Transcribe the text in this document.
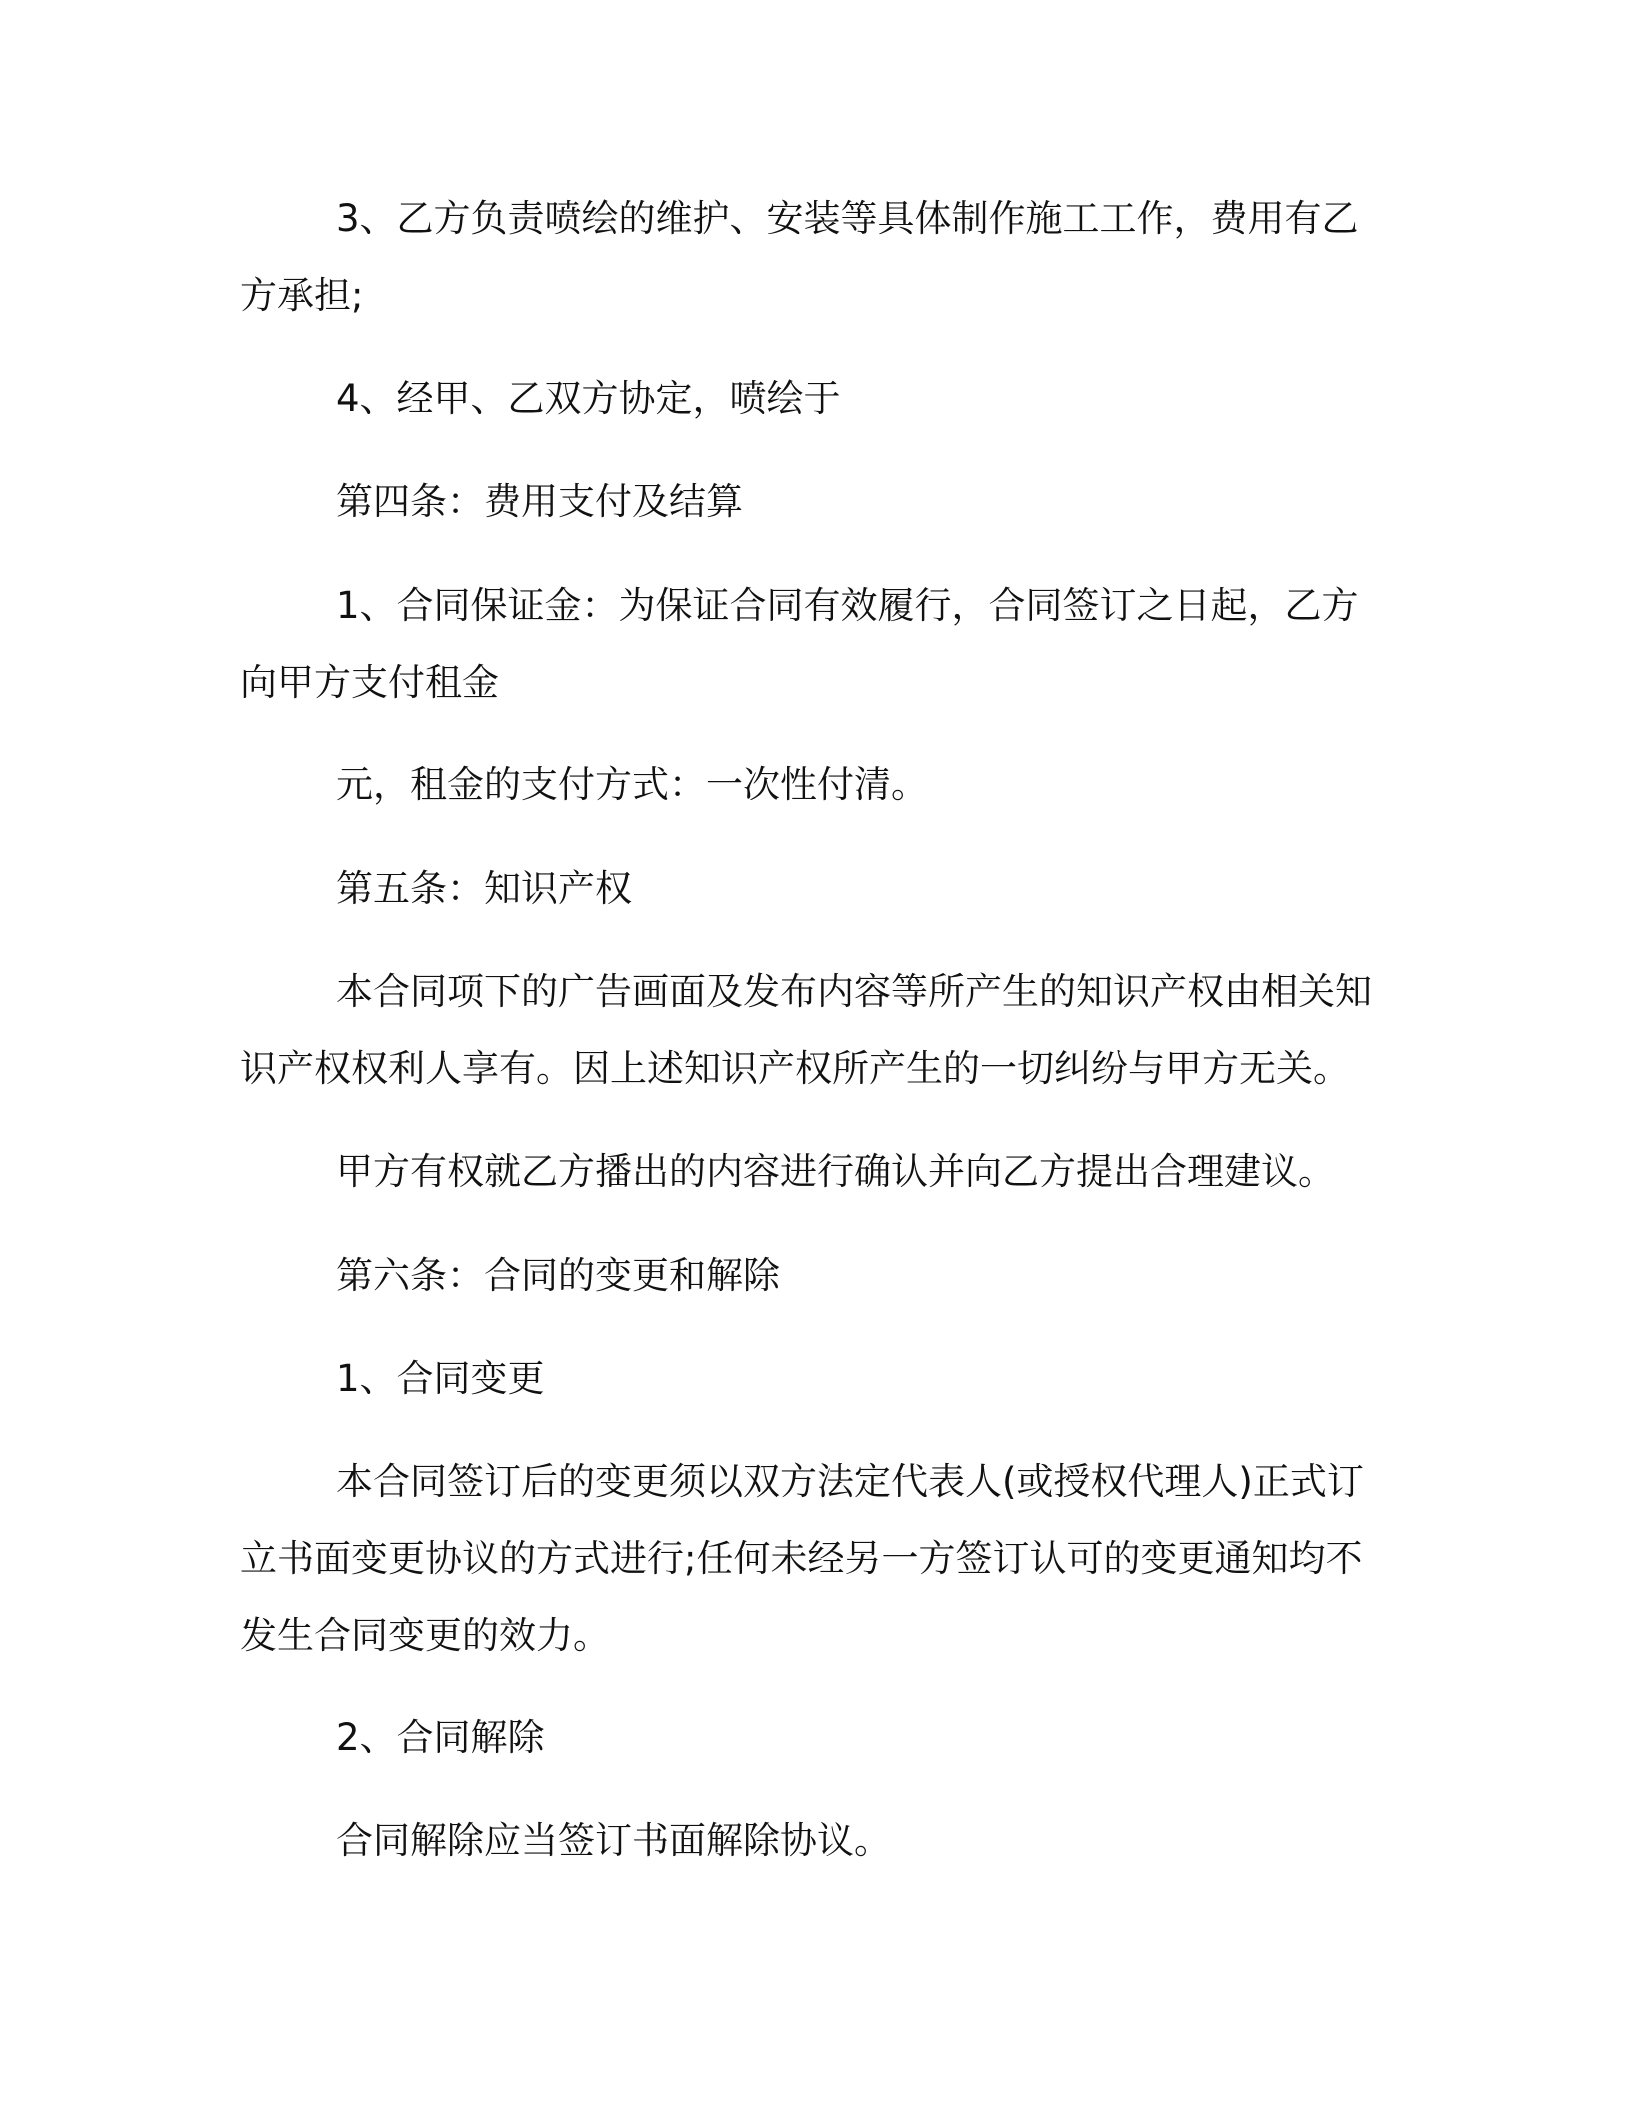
3、乙方负责喷绘的维护、安装等具体制作施工工作，费用有乙方承担;

4、经甲、乙双方协定，喷绘于

第四条：费用支付及结算

1、合同保证金：为保证合同有效履行，合同签订之日起，乙方向甲方支付租金

元，租金的支付方式：一次性付清。

第五条：知识产权

本合同项下的广告画面及发布内容等所产生的知识产权由相关知识产权权利人享有。因上述知识产权所产生的一切纠纷与甲方无关。

甲方有权就乙方播出的内容进行确认并向乙方提出合理建议。

第六条：合同的变更和解除

1、合同变更

本合同签订后的变更须以双方法定代表人(或授权代理人)正式订立书面变更协议的方式进行;任何未经另一方签订认可的变更通知均不发生合同变更的效力。

2、合同解除

合同解除应当签订书面解除协议。
